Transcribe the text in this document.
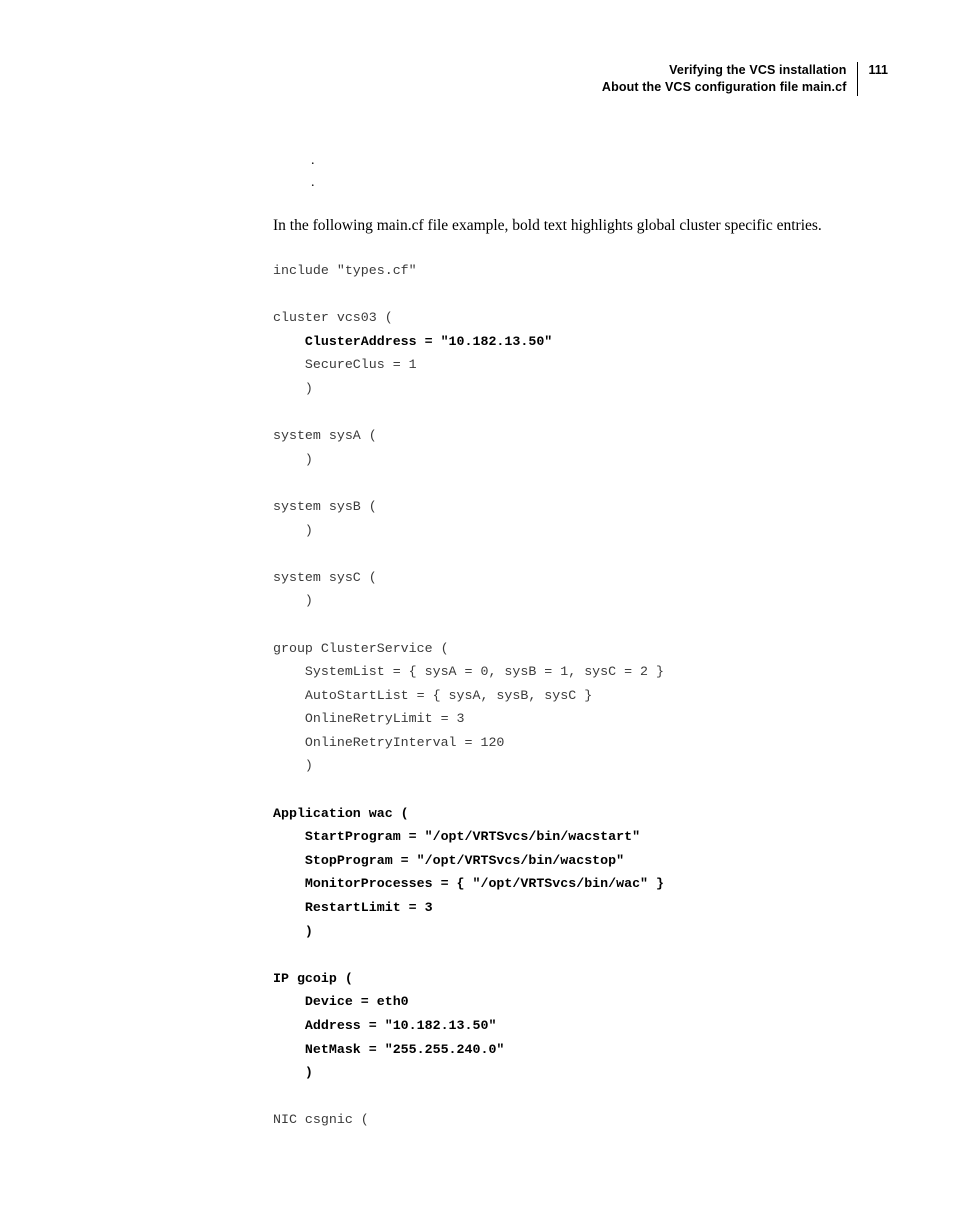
Verifying the VCS installation
About the VCS configuration file main.cf
111
.
.

In the following main.cf file example, bold text highlights global cluster specific entries.

include "types.cf"

cluster vcs03 (
ClusterAddress = "10.182.13.50"
SecureClus = 1
)

system sysA (
)

system sysB (
)

system sysC (
)

group ClusterService (
SystemList = { sysA = 0, sysB = 1, sysC = 2 }
AutoStartList = { sysA, sysB, sysC }
OnlineRetryLimit = 3
OnlineRetryInterval = 120
)

Application wac (
StartProgram = "/opt/VRTSvcs/bin/wacstart"
StopProgram = "/opt/VRTSvcs/bin/wacstop"
MonitorProcesses = { "/opt/VRTSvcs/bin/wac" }
RestartLimit = 3
)

IP gcoip (
Device = eth0
Address = "10.182.13.50"
NetMask = "255.255.240.0"
)

NIC csgnic (
